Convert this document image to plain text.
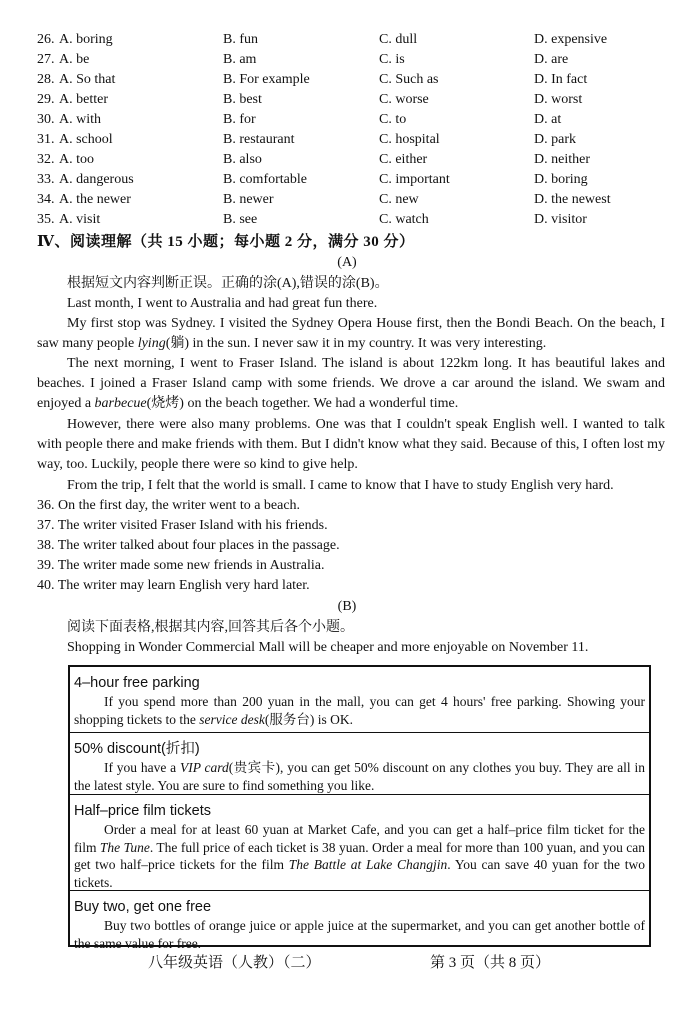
26. A. boring	B. fun	C. dull	D. expensive
27. A. be	B. am	C. is	D. are
28. A. So that	B. For example	C. Such as	D. In fact
29. A. better	B. best	C. worse	D. worst
30. A. with	B. for	C. to	D. at
31. A. school	B. restaurant	C. hospital	D. park
32. A. too	B. also	C. either	D. neither
33. A. dangerous	B. comfortable	C. important	D. boring
34. A. the newer	B. newer	C. new	D. the newest
35. A. visit	B. see	C. watch	D. visitor
Ⅳ、阅读理解（共 15 小题；每小题 2 分，满分 30 分）
(A)
根据短文内容判断正误。正确的涂(A),错误的涂(B)。
Last month, I went to Australia and had great fun there.
My first stop was Sydney. I visited the Sydney Opera House first, then the Bondi Beach. On the beach, I saw many people lying(躺) in the sun. I never saw it in my country. It was very interesting.
The next morning, I went to Fraser Island. The island is about 122km long. It has beautiful lakes and beaches. I joined a Fraser Island camp with some friends. We drove a car around the island. We swam and enjoyed a barbecue(烧烤) on the beach together. We had a wonderful time.
However, there were also many problems. One was that I couldn't speak English well. I wanted to talk with people there and make friends with them. But I didn't know what they said. Because of this, I often lost my way, too. Luckily, people there were so kind to give help.
From the trip, I felt that the world is small. I came to know that I have to study English very hard.
36. On the first day, the writer went to a beach.
37. The writer visited Fraser Island with his friends.
38. The writer talked about four places in the passage.
39. The writer made some new friends in Australia.
40. The writer may learn English very hard later.
(B)
阅读下面表格,根据其内容,回答其后各个小题。
Shopping in Wonder Commercial Mall will be cheaper and more enjoyable on November 11.
4–hour free parking
If you spend more than 200 yuan in the mall, you can get 4 hours' free parking. Showing your shopping tickets to the service desk(服务台) is OK.
50% discount(折扣)
If you have a VIP card(贵宾卡), you can get 50% discount on any clothes you buy. They are all in the latest style. You are sure to find something you like.
Half–price film tickets
Order a meal for at least 60 yuan at Market Cafe, and you can get a half–price film ticket for the film The Tune. The full price of each ticket is 38 yuan. Order a meal for more than 100 yuan, and you can get two half–price tickets for the film The Battle at Lake Changjin. You can save 40 yuan for the two tickets.
Buy two, get one free
Buy two bottles of orange juice or apple juice at the supermarket, and you can get another bottle of the same value for free.
八年级英语（人教）（二）	第 3 页（共 8 页）
